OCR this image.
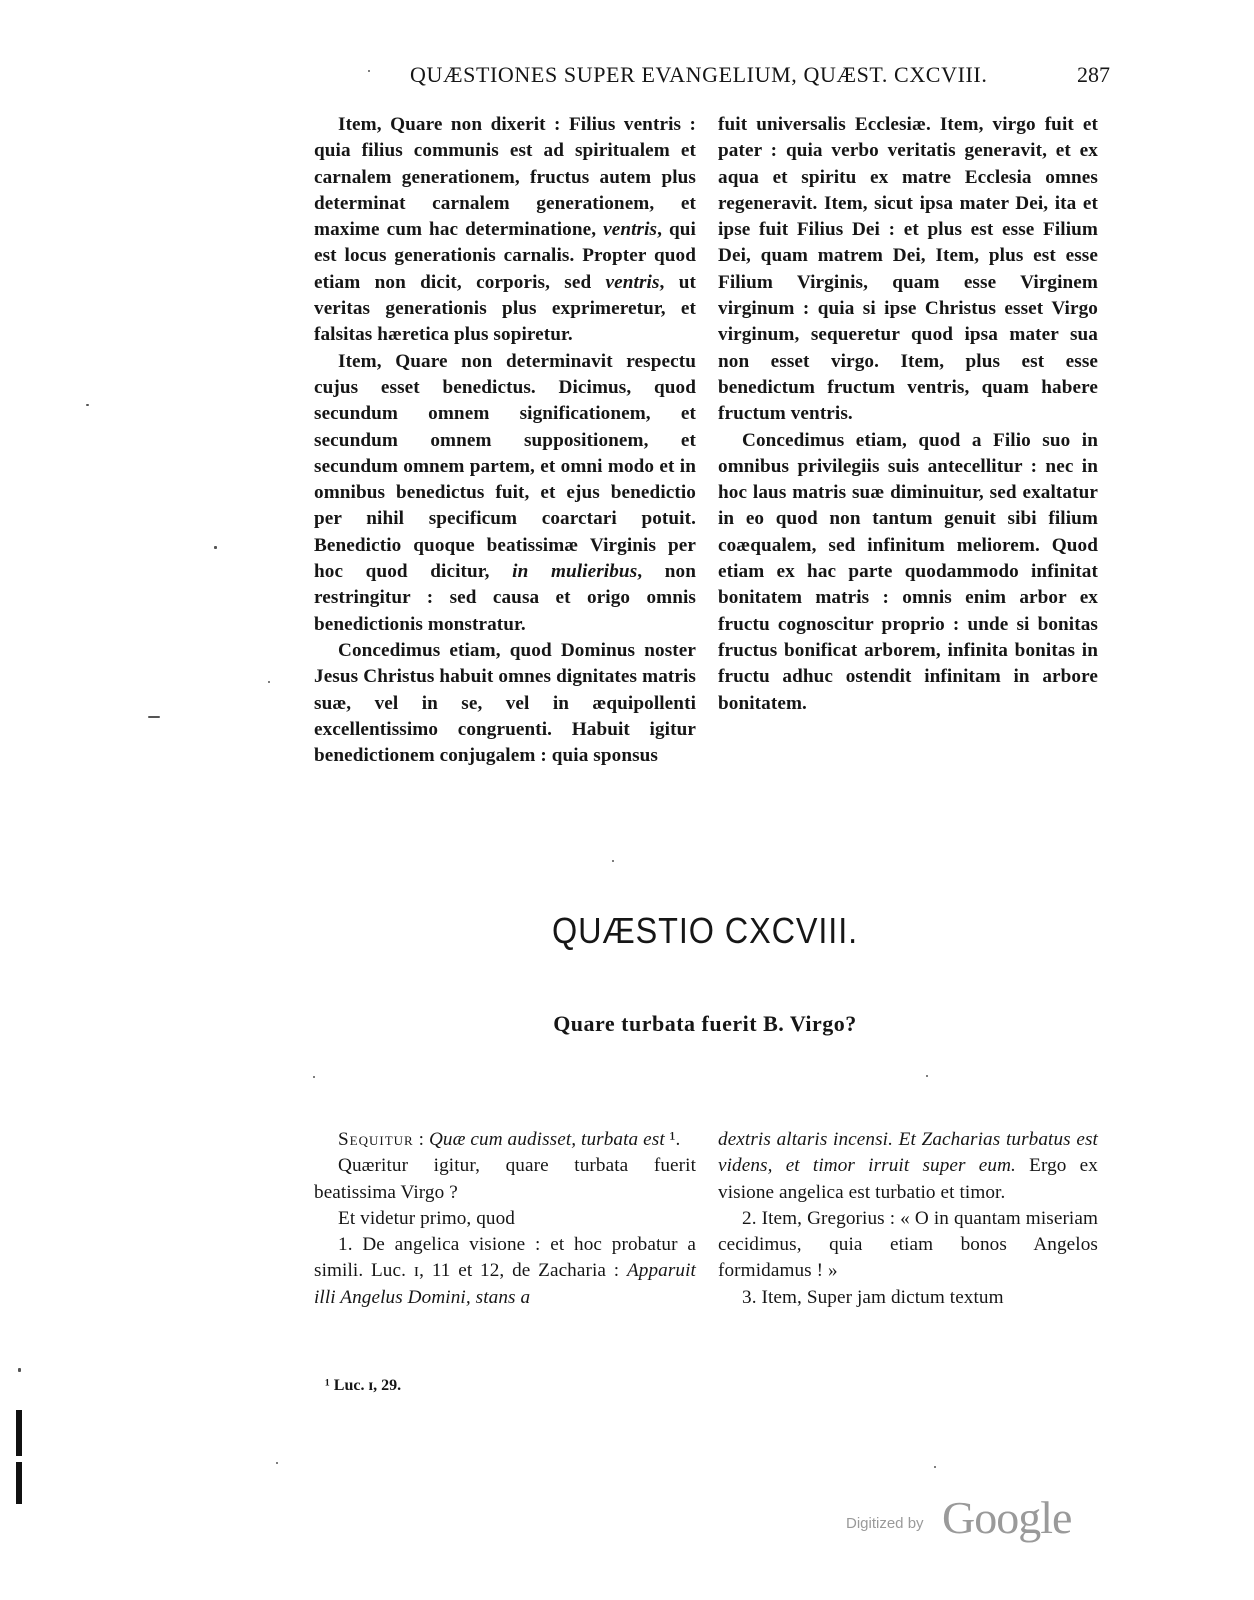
QUÆSTIONES SUPER EVANGELIUM, QUÆST. CXCVIII.	287

Item, Quare non dixerit : Filius ventris : quia filius communis est ad spiritualem et carnalem generationem, fructus autem plus determinat carnalem generationem, et maxime cum hac determinatione, ventris, qui est locus generationis carnalis. Propter quod etiam non dicit, corporis, sed ventris, ut veritas generationis plus exprimeretur, et falsitas hæretica plus sopiretur.

Item, Quare non determinavit respectu cujus esset benedictus. Dicimus, quod secundum omnem significationem, et secundum omnem suppositionem, et secundum omnem partem, et omni modo et in omnibus benedictus fuit, et ejus benedictio per nihil specificum coarctari potuit. Benedictio quoque beatissimæ Virginis per hoc quod dicitur, in mulieribus, non restringitur : sed causa et origo omnis benedictionis monstratur.

Concedimus etiam, quod Dominus noster Jesus Christus habuit omnes dignitates matris suæ, vel in se, vel in æquipollenti excellentissimo congruenti. Habuit igitur benedictionem conjugalem : quia sponsus

fuit universalis Ecclesiæ. Item, virgo fuit et pater : quia verbo veritatis generavit, et ex aqua et spiritu ex matre Ecclesia omnes regeneravit. Item, sicut ipsa mater Dei, ita et ipse fuit Filius Dei : et plus est esse Filium Dei, quam matrem Dei, Item, plus est esse Filium Virginis, quam esse Virginem virginum : quia si ipse Christus esset Virgo virginum, sequeretur quod ipsa mater sua non esset virgo. Item, plus est esse benedictum fructum ventris, quam habere fructum ventris.

Concedimus etiam, quod a Filio suo in omnibus privilegiis suis antecellitur : nec in hoc laus matris suæ diminuitur, sed exaltatur in eo quod non tantum genuit sibi filium coæqualem, sed infinitum meliorem. Quod etiam ex hac parte quodammodo infinitat bonitatem matris : omnis enim arbor ex fructu cognoscitur proprio : unde si bonitas fructus bonificat arborem, infinita bonitas in fructu adhuc ostendit infinitam in arbore bonitatem.

QUÆSTIO CXCVIII.
Quare turbata fuerit B. Virgo?

Sequitur : Quæ cum audisset, turbata est ¹.

Quæritur igitur, quare turbata fuerit beatissima Virgo ?

Et videtur primo, quod

1. De angelica visione : et hoc probatur a simili. Luc. ɪ, 11 et 12, de Zacharia : Apparuit illi Angelus Domini, stans a

dextris altaris incensi. Et Zacharias turbatus est videns, et timor irruit super eum. Ergo ex visione angelica est turbatio et timor.

2. Item, Gregorius : « O in quantam miseriam cecidimus, quia etiam bonos Angelos formidamus ! »

3. Item, Super jam dictum textum

¹ Luc. ɪ, 29.
Digitized by Google
